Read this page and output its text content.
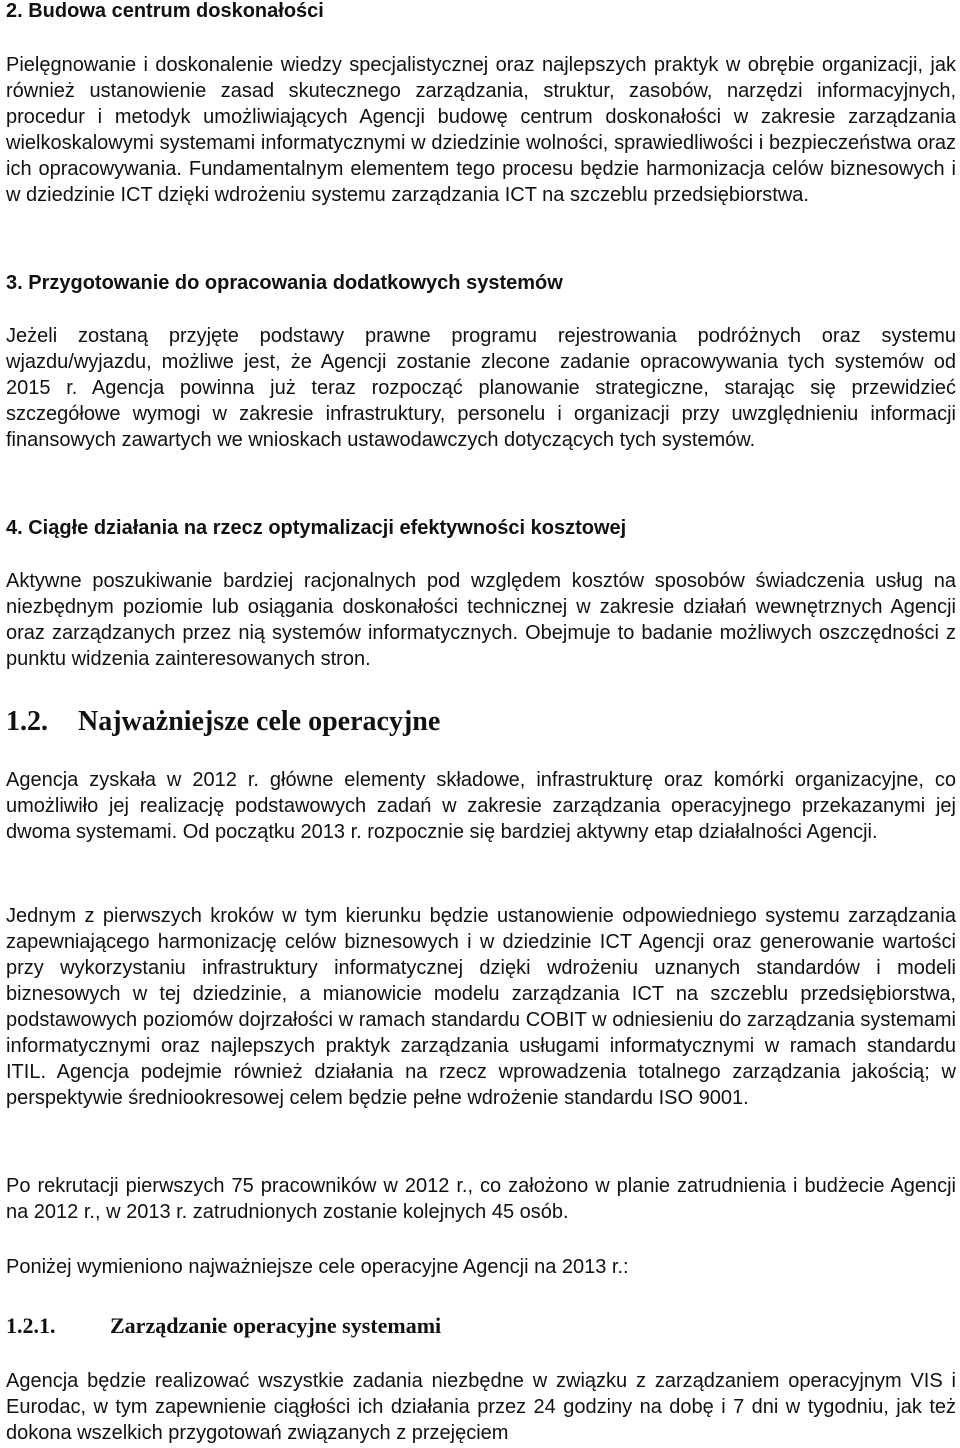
2. Budowa centrum doskonałości

Pielęgnowanie i doskonalenie wiedzy specjalistycznej oraz najlepszych praktyk w obrębie organizacji, jak również ustanowienie zasad skutecznego zarządzania, struktur, zasobów, narzędzi informacyjnych, procedur i metodyk umożliwiających Agencji budowę centrum doskonałości w zakresie zarządzania wielkoskalowymi systemami informatycznymi w dziedzinie wolności, sprawiedliwości i bezpieczeństwa oraz ich opracowywania. Fundamentalnym elementem tego procesu będzie harmonizacja celów biznesowych i w dziedzinie ICT dzięki wdrożeniu systemu zarządzania ICT na szczeblu przedsiębiorstwa.

3. Przygotowanie do opracowania dodatkowych systemów

Jeżeli zostaną przyjęte podstawy prawne programu rejestrowania podróżnych oraz systemu wjazdu/wyjazdu, możliwe jest, że Agencji zostanie zlecone zadanie opracowywania tych systemów od 2015 r. Agencja powinna już teraz rozpocząć planowanie strategiczne, starając się przewidzieć szczegółowe wymogi w zakresie infrastruktury, personelu i organizacji przy uwzględnieniu informacji finansowych zawartych we wnioskach ustawodawczych dotyczących tych systemów.

4. Ciągłe działania na rzecz optymalizacji efektywności kosztowej

Aktywne poszukiwanie bardziej racjonalnych pod względem kosztów sposobów świadczenia usług na niezbędnym poziomie lub osiągania doskonałości technicznej w zakresie działań wewnętrznych Agencji oraz zarządzanych przez nią systemów informatycznych. Obejmuje to badanie możliwych oszczędności z punktu widzenia zainteresowanych stron.

1.2.	Najważniejsze cele operacyjne

Agencja zyskała w 2012 r. główne elementy składowe, infrastrukturę oraz komórki organizacyjne, co umożliwiło jej realizację podstawowych zadań w zakresie zarządzania operacyjnego przekazanymi jej dwoma systemami. Od początku 2013 r. rozpocznie się bardziej aktywny etap działalności Agencji.

Jednym z pierwszych kroków w tym kierunku będzie ustanowienie odpowiedniego systemu zarządzania zapewniającego harmonizację celów biznesowych i w dziedzinie ICT Agencji oraz generowanie wartości przy wykorzystaniu infrastruktury informatycznej dzięki wdrożeniu uznanych standardów i modeli biznesowych w tej dziedzinie, a mianowicie modelu zarządzania ICT na szczeblu przedsiębiorstwa, podstawowych poziomów dojrzałości w ramach standardu COBIT w odniesieniu do zarządzania systemami informatycznymi oraz najlepszych praktyk zarządzania usługami informatycznymi w ramach standardu ITIL. Agencja podejmie również działania na rzecz wprowadzenia totalnego zarządzania jakością; w perspektywie średniookresowej celem będzie pełne wdrożenie standardu ISO 9001.

Po rekrutacji pierwszych 75 pracowników w 2012 r., co założono w planie zatrudnienia i budżecie Agencji na 2012 r., w 2013 r. zatrudnionych zostanie kolejnych 45 osób.

Poniżej wymieniono najważniejsze cele operacyjne Agencji na 2013 r.:

1.2.1.	Zarządzanie operacyjne systemami

Agencja będzie realizować wszystkie zadania niezbędne w związku z zarządzaniem operacyjnym VIS i Eurodac, w tym zapewnienie ciągłości ich działania przez 24 godziny na dobę i 7 dni w tygodniu, jak też dokona wszelkich przygotowań związanych z przejęciem
